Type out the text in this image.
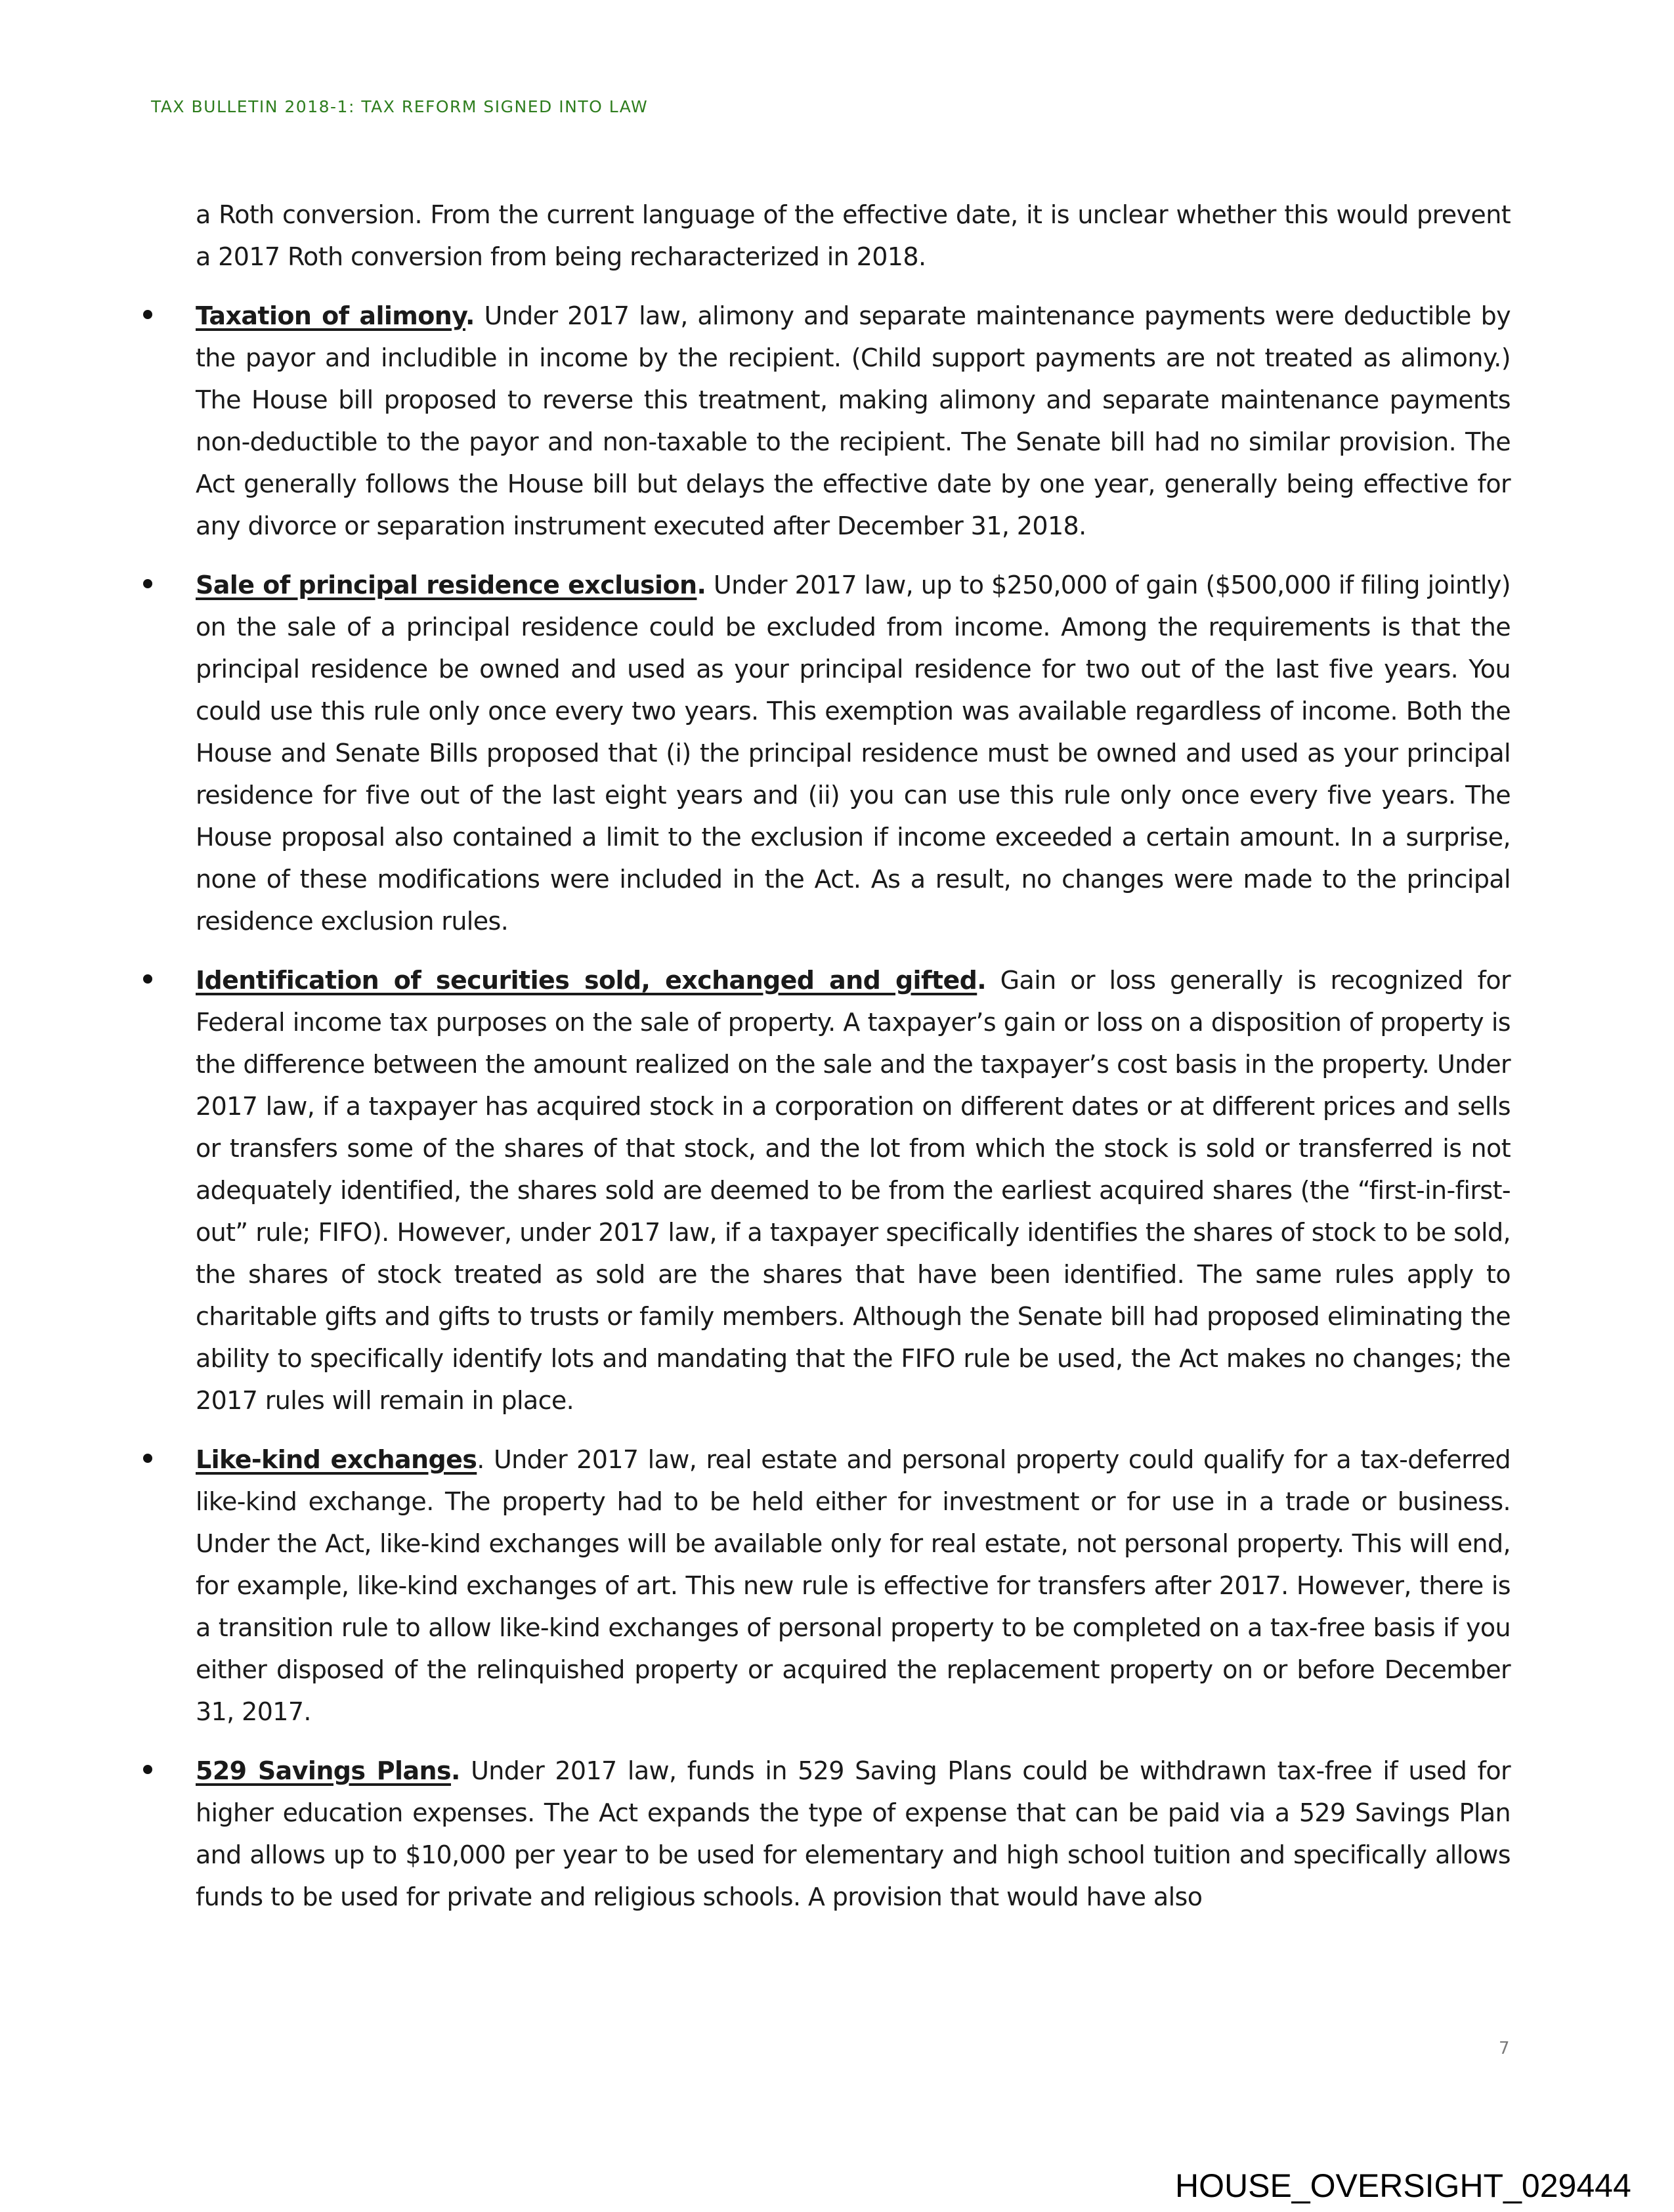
TAX BULLETIN 2018-1: TAX REFORM SIGNED INTO LAW

a Roth conversion. From the current language of the effective date, it is unclear whether this would prevent a 2017 Roth conversion from being recharacterized in 2018.

Taxation of alimony. Under 2017 law, alimony and separate maintenance payments were deductible by the payor and includible in income by the recipient. (Child support payments are not treated as alimony.) The House bill proposed to reverse this treatment, making alimony and separate maintenance payments non-deductible to the payor and non-taxable to the recipient. The Senate bill had no similar provision. The Act generally follows the House bill but delays the effective date by one year, generally being effective for any divorce or separation instrument executed after December 31, 2018.

Sale of principal residence exclusion. Under 2017 law, up to $250,000 of gain ($500,000 if filing jointly) on the sale of a principal residence could be excluded from income. Among the requirements is that the principal residence be owned and used as your principal residence for two out of the last five years. You could use this rule only once every two years. This exemption was available regardless of income. Both the House and Senate Bills proposed that (i) the principal residence must be owned and used as your principal residence for five out of the last eight years and (ii) you can use this rule only once every five years. The House proposal also contained a limit to the exclusion if income exceeded a certain amount. In a surprise, none of these modifications were included in the Act. As a result, no changes were made to the principal residence exclusion rules.

Identification of securities sold, exchanged and gifted. Gain or loss generally is recognized for Federal income tax purposes on the sale of property. A taxpayer’s gain or loss on a disposition of property is the difference between the amount realized on the sale and the taxpayer’s cost basis in the property. Under 2017 law, if a taxpayer has acquired stock in a corporation on different dates or at different prices and sells or transfers some of the shares of that stock, and the lot from which the stock is sold or transferred is not adequately identified, the shares sold are deemed to be from the earliest acquired shares (the “first-in-first-out” rule; FIFO). However, under 2017 law, if a taxpayer specifically identifies the shares of stock to be sold, the shares of stock treated as sold are the shares that have been identified. The same rules apply to charitable gifts and gifts to trusts or family members. Although the Senate bill had proposed eliminating the ability to specifically identify lots and mandating that the FIFO rule be used, the Act makes no changes; the 2017 rules will remain in place.

Like-kind exchanges. Under 2017 law, real estate and personal property could qualify for a tax-deferred like-kind exchange. The property had to be held either for investment or for use in a trade or business. Under the Act, like-kind exchanges will be available only for real estate, not personal property. This will end, for example, like-kind exchanges of art. This new rule is effective for transfers after 2017. However, there is a transition rule to allow like-kind exchanges of personal property to be completed on a tax-free basis if you either disposed of the relinquished property or acquired the replacement property on or before December 31, 2017.

529 Savings Plans. Under 2017 law, funds in 529 Saving Plans could be withdrawn tax-free if used for higher education expenses. The Act expands the type of expense that can be paid via a 529 Savings Plan and allows up to $10,000 per year to be used for elementary and high school tuition and specifically allows funds to be used for private and religious schools. A provision that would have also

7
HOUSE_OVERSIGHT_029444
